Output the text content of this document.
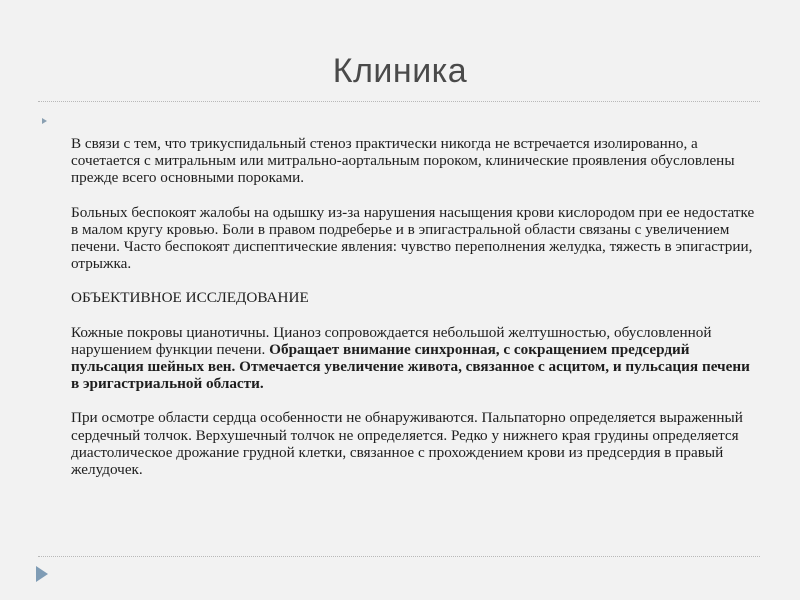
Клиника

В связи с тем, что трикуспидальный стеноз практически никогда не встречается изолированно, а сочетается с митральным или митрально-аортальным пороком, клинические проявления обусловлены прежде всего основными пороками.

Больных беспокоят жалобы на одышку из-за нарушения насыщения крови кислородом при ее недостатке в малом кругу кровью. Боли в правом подреберье и в эпигастральной области связаны с увеличением печени. Часто беспокоят диспептические явления: чувство переполнения желудка, тяжесть в эпигастрии, отрыжка.

ОБЪЕКТИВНОЕ ИССЛЕДОВАНИЕ

Кожные покровы цианотичны. Цианоз сопровождается небольшой желтушностью, обусловленной нарушением функции печени. Обращает внимание синхронная, с сокращением предсердий пульсация шейных вен. Отмечается увеличение живота, связанное с асцитом, и пульсация печени в эригастриальной области.

При осмотре области сердца особенности не обнаруживаются. Пальпаторно определяется выраженный сердечный толчок. Верхушечный толчок не определяется. Редко у нижнего края грудины определяется диастолическое дрожание грудной клетки, связанное с прохождением крови из предсердия в правый желудочек.
